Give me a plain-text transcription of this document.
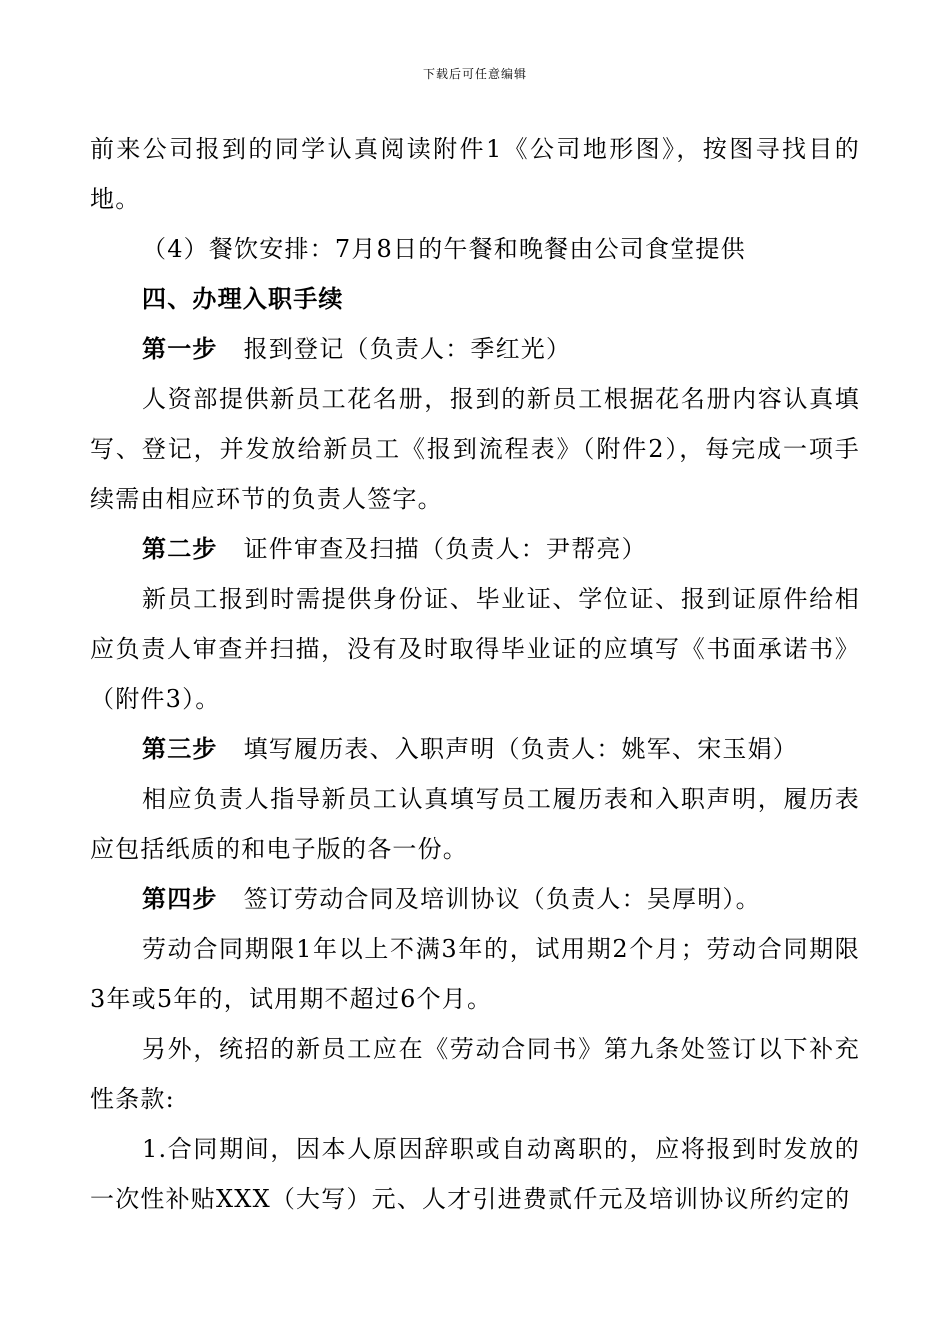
下载后可任意编辑

前来公司报到的同学认真阅读附件1《公司地形图》，按图寻找目的地。

（4）餐饮安排：7月8日的午餐和晚餐由公司食堂提供

四、办理入职手续

第一步 报到登记（负责人：季红光）

人资部提供新员工花名册，报到的新员工根据花名册内容认真填写、登记，并发放给新员工《报到流程表》（附件2），每完成一项手续需由相应环节的负责人签字。

第二步 证件审查及扫描（负责人：尹帮亮）

新员工报到时需提供身份证、毕业证、学位证、报到证原件给相应负责人审查并扫描，没有及时取得毕业证的应填写《书面承诺书》（附件3）。

第三步 填写履历表、入职声明（负责人：姚军、宋玉娟）

相应负责人指导新员工认真填写员工履历表和入职声明，履历表应包括纸质的和电子版的各一份。

第四步 签订劳动合同及培训协议（负责人：吴厚明）。

劳动合同期限1年以上不满3年的，试用期2个月；劳动合同期限3年或5年的，试用期不超过6个月。

另外，统招的新员工应在《劳动合同书》第九条处签订以下补充性条款:

1.合同期间，因本人原因辞职或自动离职的，应将报到时发放的一次性补贴XXX（大写）元、人才引进费贰仟元及培训协议所约定的
